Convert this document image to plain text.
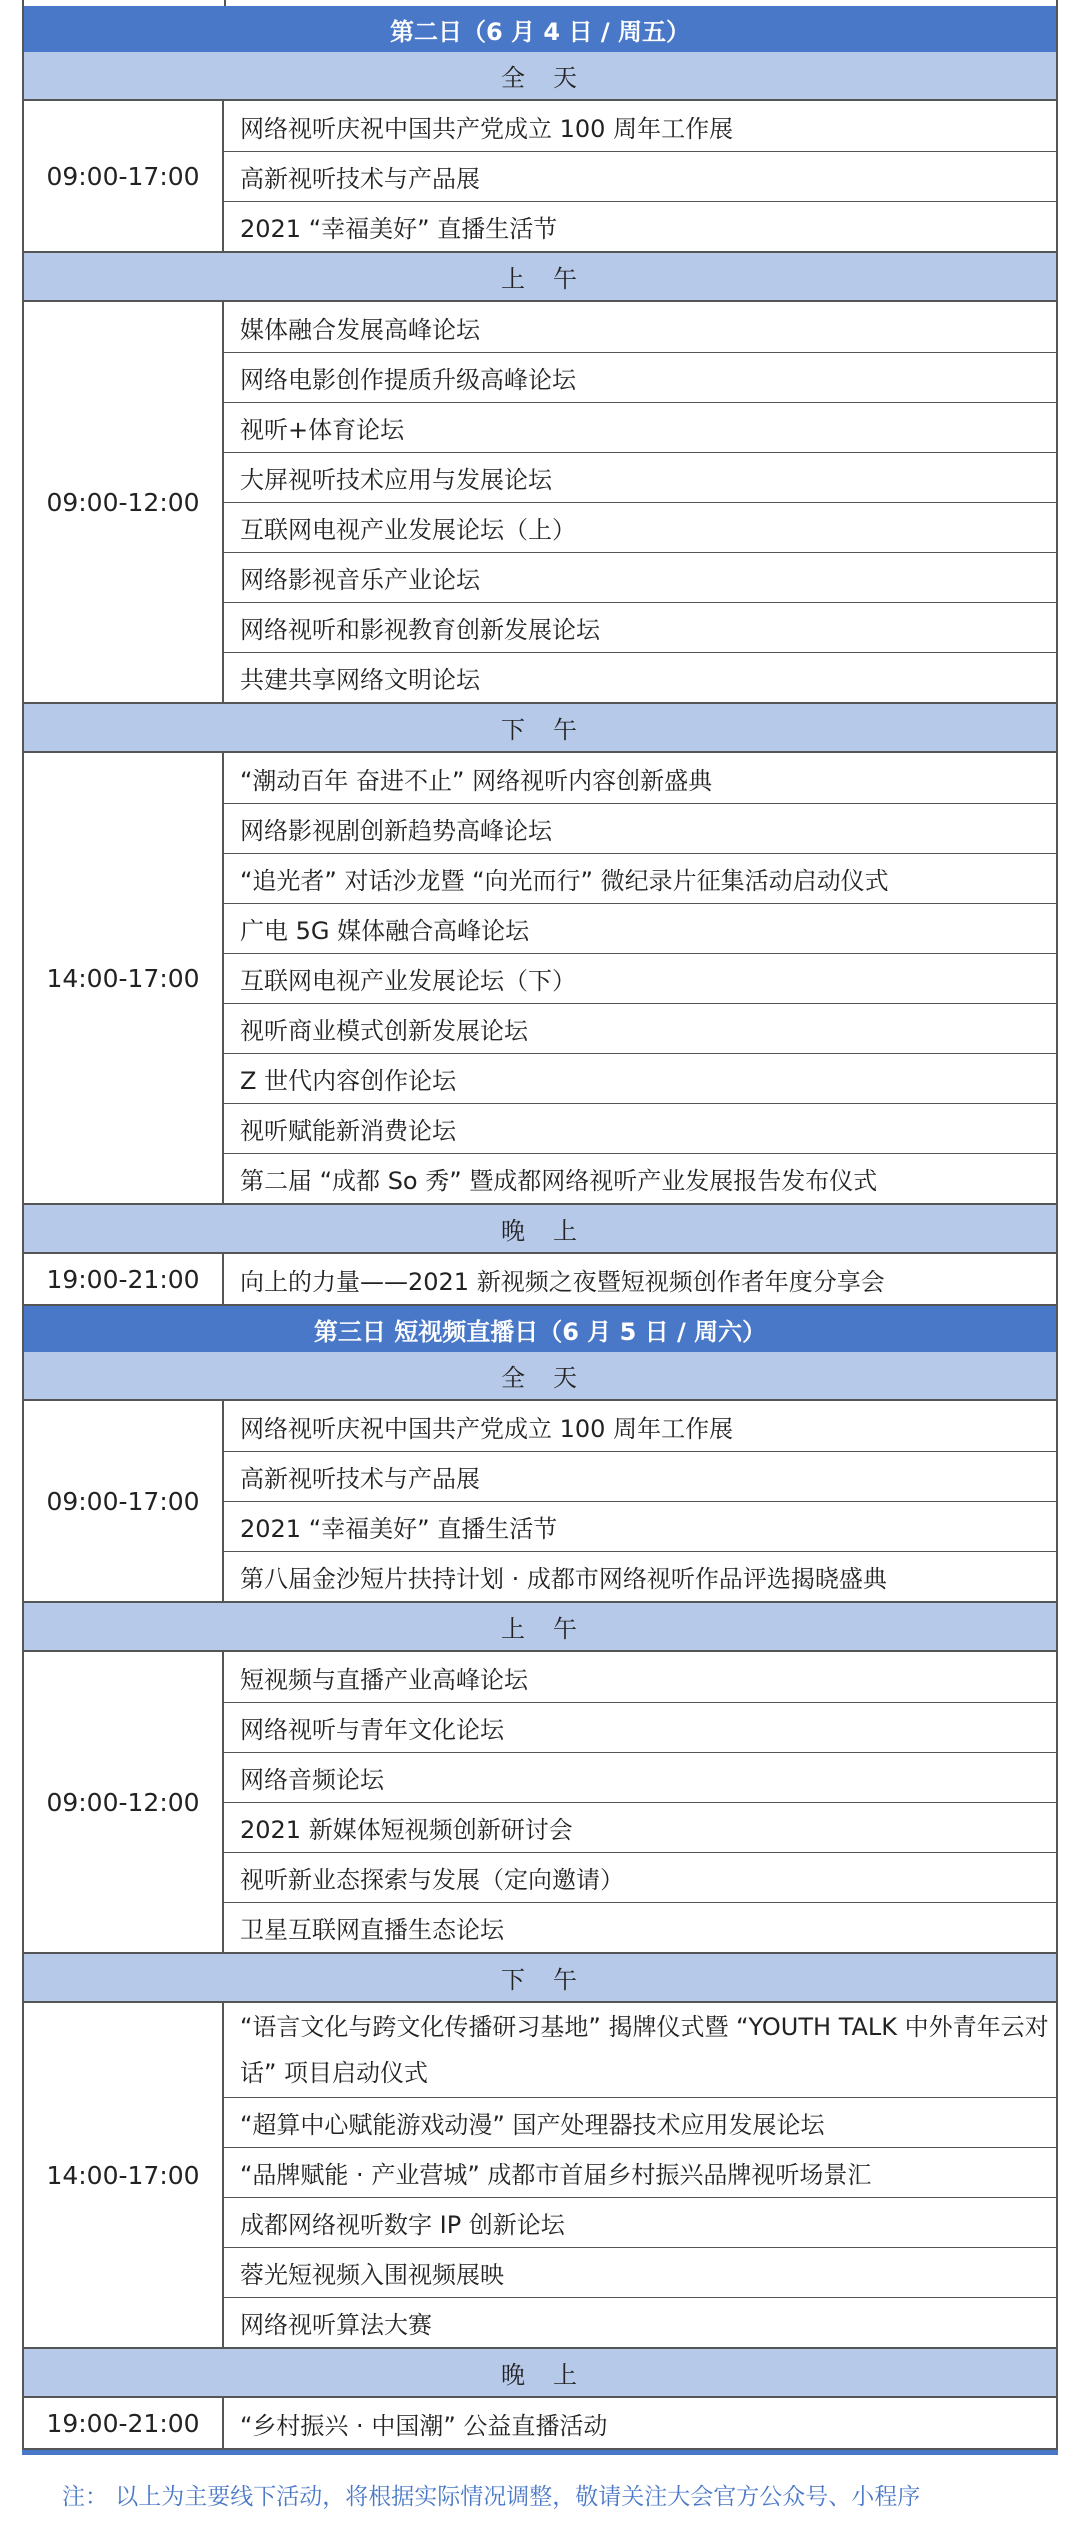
第二日（6 月 4 日 / 周五）
全　天
09:00-17:00
网络视听庆祝中国共产党成立 100 周年工作展
高新视听技术与产品展
2021 “幸福美好” 直播生活节
上　午
09:00-12:00
媒体融合发展高峰论坛
网络电影创作提质升级高峰论坛
视听+体育论坛
大屏视听技术应用与发展论坛
互联网电视产业发展论坛（上）
网络影视音乐产业论坛
网络视听和影视教育创新发展论坛
共建共享网络文明论坛
下　午
14:00-17:00
“潮动百年 奋进不止” 网络视听内容创新盛典
网络影视剧创新趋势高峰论坛
“追光者” 对话沙龙暨 “向光而行” 微纪录片征集活动启动仪式
广电 5G 媒体融合高峰论坛
互联网电视产业发展论坛（下）
视听商业模式创新发展论坛
Z 世代内容创作论坛
视听赋能新消费论坛
第二届 “成都 So 秀” 暨成都网络视听产业发展报告发布仪式
晚　上
19:00-21:00	向上的力量——2021 新视频之夜暨短视频创作者年度分享会
第三日 短视频直播日（6 月 5 日 / 周六）
全　天
09:00-17:00
网络视听庆祝中国共产党成立 100 周年工作展
高新视听技术与产品展
2021 “幸福美好” 直播生活节
第八届金沙短片扶持计划 · 成都市网络视听作品评选揭晓盛典
上　午
09:00-12:00
短视频与直播产业高峰论坛
网络视听与青年文化论坛
网络音频论坛
2021 新媒体短视频创新研讨会
视听新业态探索与发展（定向邀请）
卫星互联网直播生态论坛
下　午
14:00-17:00
“语言文化与跨文化传播研习基地” 揭牌仪式暨 “YOUTH TALK 中外青年云对话” 项目启动仪式
“超算中心赋能游戏动漫” 国产处理器技术应用发展论坛
“品牌赋能 · 产业营城” 成都市首届乡村振兴品牌视听场景汇
成都网络视听数字 IP 创新论坛
蓉光短视频入围视频展映
网络视听算法大赛
晚　上
19:00-21:00	“乡村振兴 · 中国潮” 公益直播活动
注： 以上为主要线下活动，将根据实际情况调整，敬请关注大会官方公众号、小程序
